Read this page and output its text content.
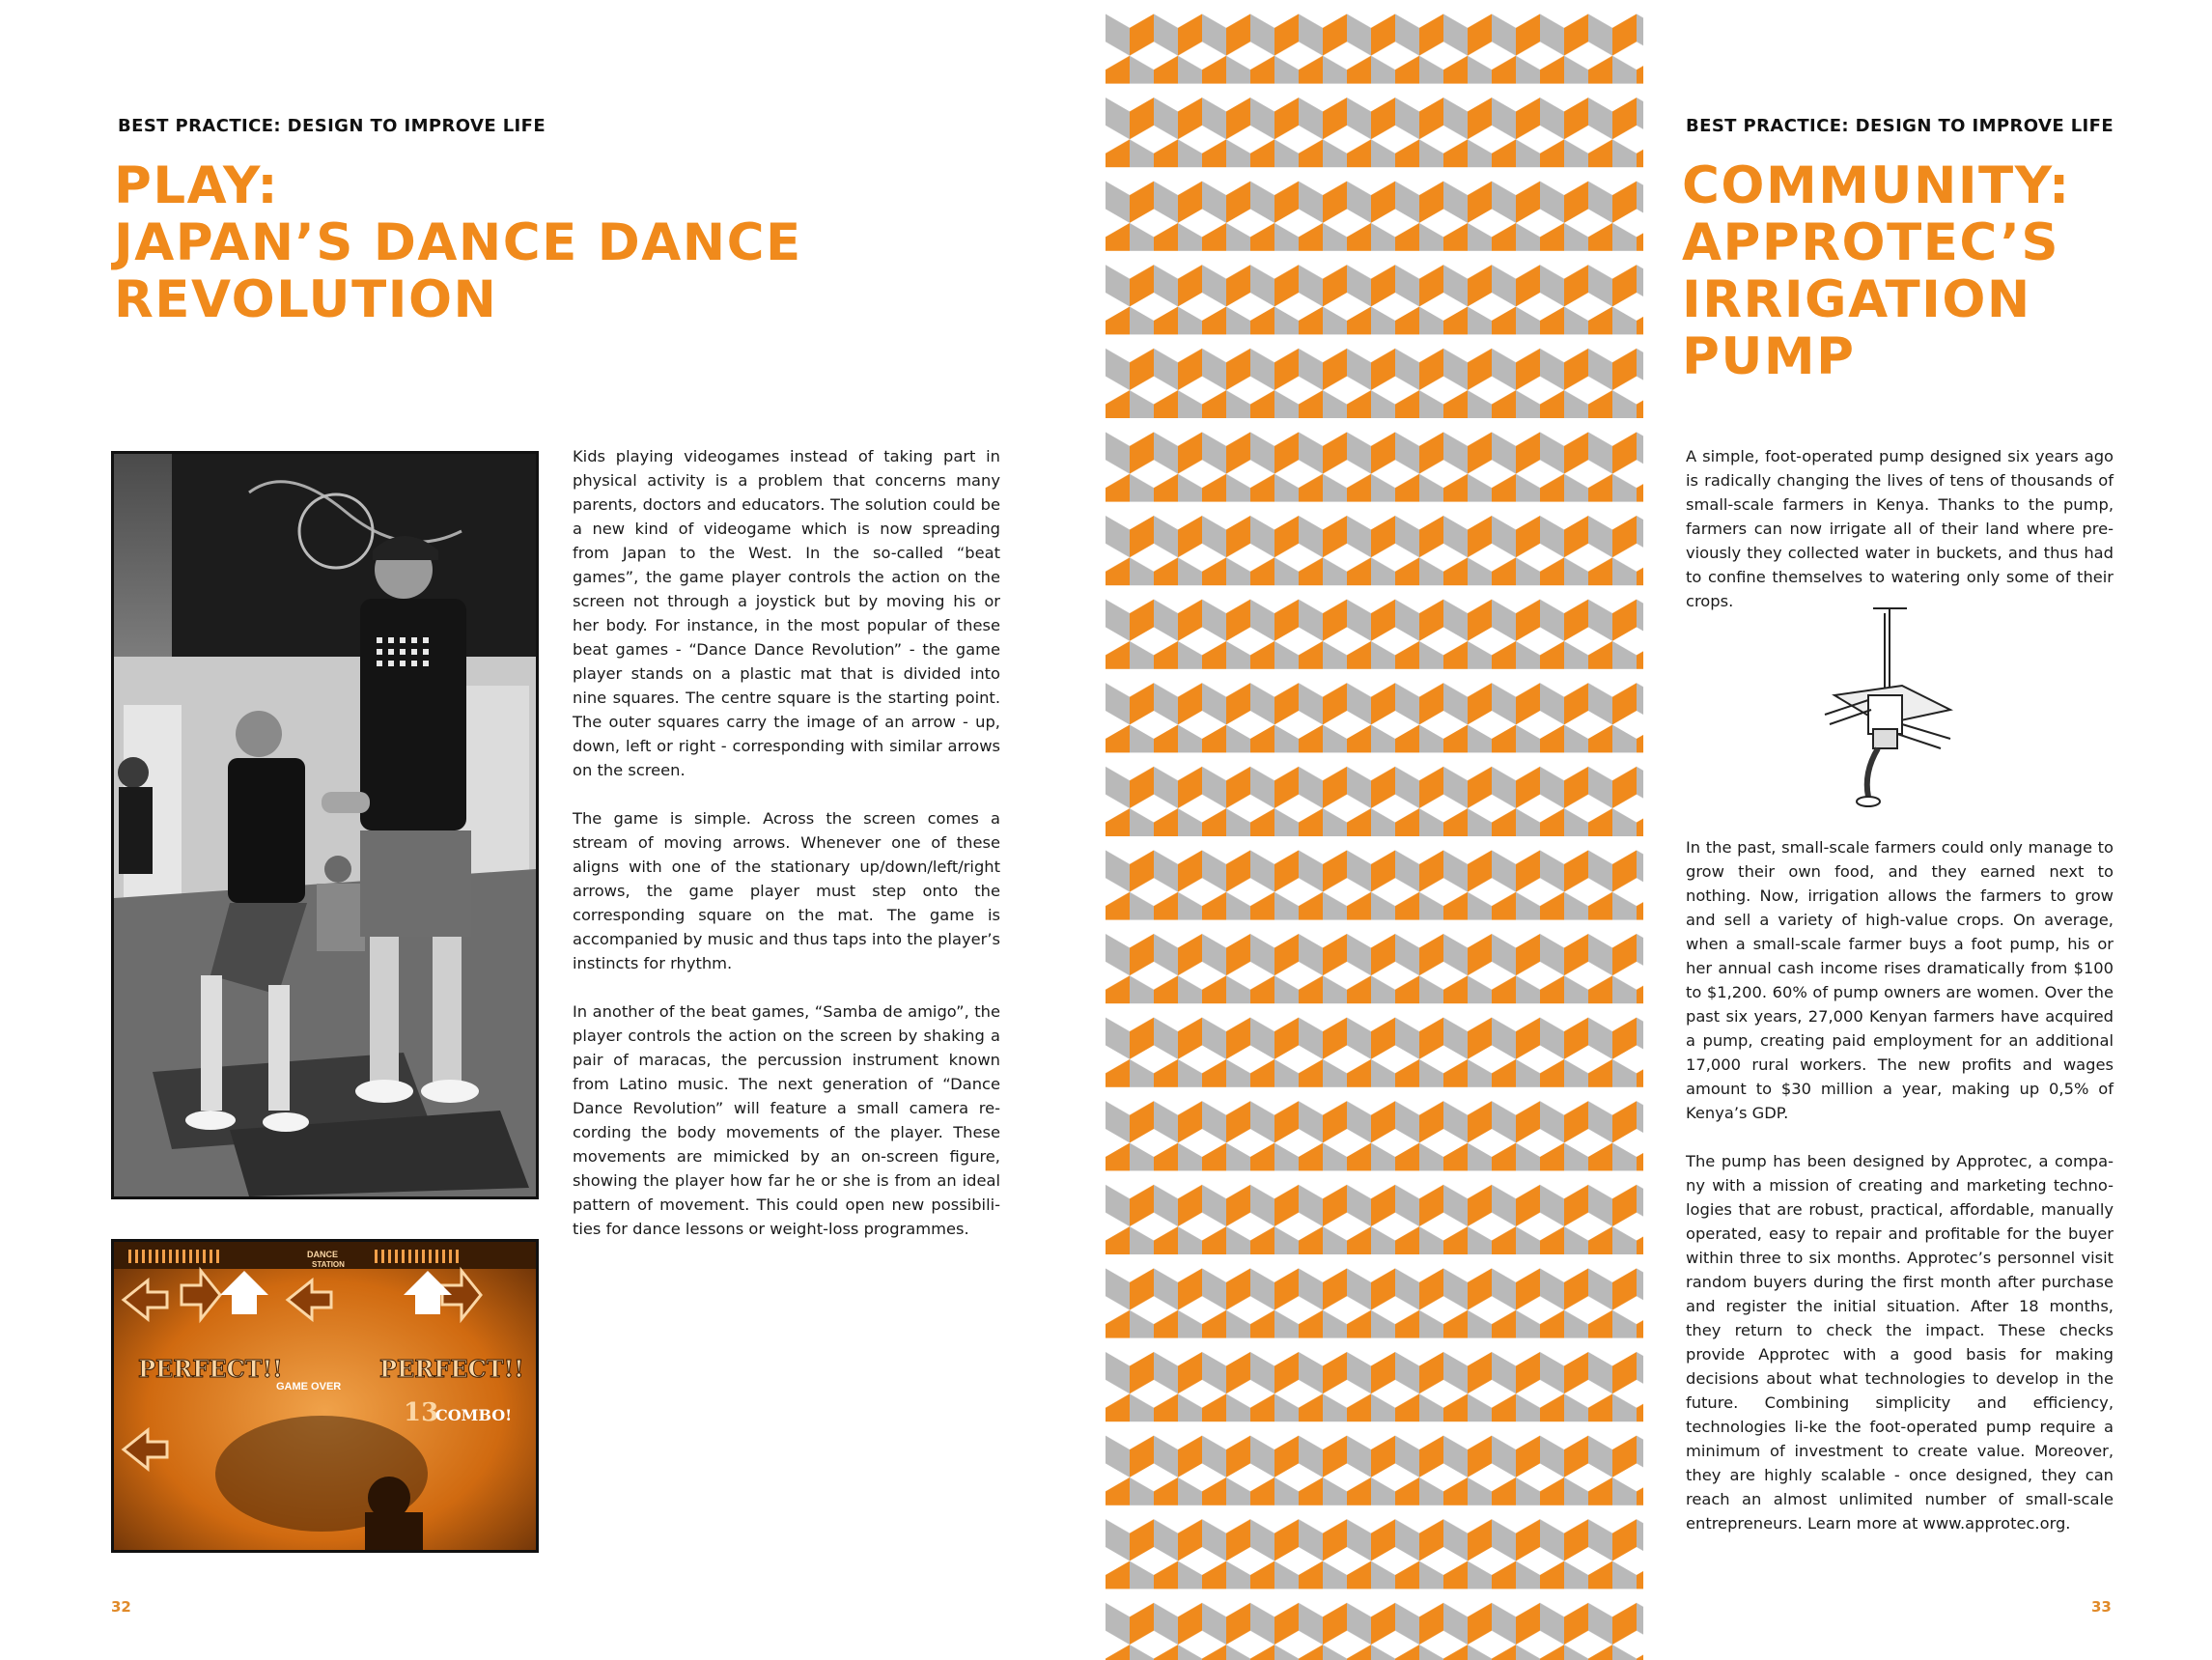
BEST PRACTICE: DESIGN TO IMPROVE LIFE
PLAY:
JAPAN’S DANCE DANCE
REVOLUTION
DANCE
STATION
PERFECT!!	PERFECT!!
GAME OVER
13
COMBO!

Kids playing videogames instead of taking part in physical activity is a problem that concerns many parents, doctors and educators. The solution could be a new kind of videogame which is now spreading from Japan to the West. In the so-called “beat games”, the game player controls the action on the screen not through a joystick but by moving his or her body. For instance, in the most popular of these beat games - “Dance Dance Revolution” - the game player stands on a plastic mat that is divided into nine squares. The centre square is the starting point. The outer squares carry the image of an arrow - up, down, left or right - corresponding with similar arrows on the screen.

The game is simple. Across the screen comes a stream of moving arrows. Whenever one of these aligns with one of the stationary up/down/left/right arrows, the game player must step onto the corresponding square on the mat. The game is accompanied by music and thus taps into the player’s instincts for rhythm.

In another of the beat games, “Samba de amigo”, the player controls the action on the screen by shaking a pair of maracas, the percussion instrument known from Latino music. The next generation of “Dance Dance Revolution” will feature a small camera re-cording the body movements of the player. These movements are mimicked by an on-screen figure, showing the player how far he or she is from an ideal pattern of movement. This could open new possibili-ties for dance lessons or weight-loss programmes.

32
BEST PRACTICE: DESIGN TO IMPROVE LIFE
COMMUNITY:
APPROTEC’S
IRRIGATION
PUMP

A simple, foot-operated pump designed six years ago is radically changing the lives of tens of thousands of small-scale farmers in Kenya. Thanks to the pump, farmers can now irrigate all of their land where pre-viously they collected water in buckets, and thus had to confine themselves to watering only some of their crops.

In the past, small-scale farmers could only manage to grow their own food, and they earned next to nothing. Now, irrigation allows the farmers to grow and sell a variety of high-value crops. On average, when a small-scale farmer buys a foot pump, his or her annual cash income rises dramatically from $100 to $1,200. 60% of pump owners are women. Over the past six years, 27,000 Kenyan farmers have acquired a pump, creating paid employment for an additional 17,000 rural workers. The new profits and wages amount to $30 million a year, making up 0,5% of Kenya’s GDP.

The pump has been designed by Approtec, a compa-ny with a mission of creating and marketing techno-logies that are robust, practical, affordable, manually operated, easy to repair and profitable for the buyer within three to six months. Approtec’s personnel visit random buyers during the first month after purchase and register the initial situation. After 18 months, they return to check the impact. These checks provide Approtec with a good basis for making decisions about what technologies to develop in the future. Combining simplicity and efficiency, technologies li-ke the foot-operated pump require a minimum of investment to create value. Moreover, they are highly scalable - once designed, they can reach an almost unlimited number of small-scale entrepreneurs. Learn more at www.approtec.org.

33
